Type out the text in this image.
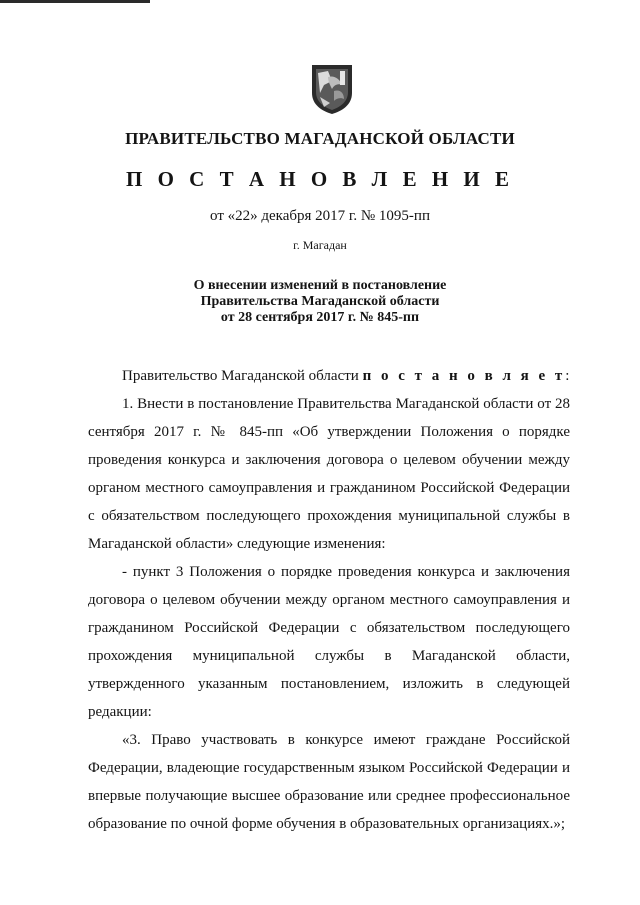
ПРАВИТЕЛЬСТВО МАГАДАНСКОЙ ОБЛАСТИ
П О С Т А Н О В Л Е Н И Е
от «22» декабря 2017 г. № 1095-пп
г. Магадан
О внесении изменений в постановление
Правительства Магаданской области
от 28 сентября 2017 г. № 845-пп

Правительство Магаданской области п о с т а н о в л я е т:

1. Внести в постановление Правительства Магаданской области от 28 сентября 2017 г. № 845-пп «Об утверждении Положения о порядке проведения конкурса и заключения договора о целевом обучении между органом местного самоуправления и гражданином Российской Федерации с обязательством последующего прохождения муниципальной службы в Магаданской области» следующие изменения:

- пункт 3 Положения о порядке проведения конкурса и заключения договора о целевом обучении между органом местного самоуправления и гражданином Российской Федерации с обязательством последующего прохождения муниципальной службы в Магаданской области, утвержденного указанным постановлением, изложить в следующей редакции:

«3. Право участвовать в конкурсе имеют граждане Российской Федерации, владеющие государственным языком Российской Федерации и впервые получающие высшее образование или среднее профессиональное образование по очной форме обучения в образовательных организациях.»;
